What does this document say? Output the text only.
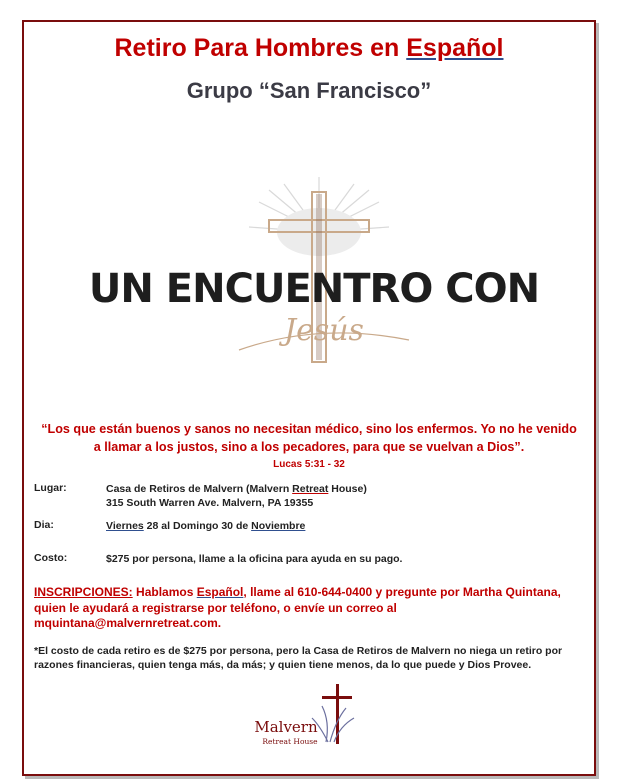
Retiro Para Hombres en Español
Grupo “San Francisco”
UN ENCUENTRO CON
Jesús

“Los que están buenos y sanos no necesitan médico, sino los enfermos. Yo no he venido a llamar a los justos, sino a los pecadores, para que se vuelvan a Dios”.

Lucas 5:31 - 32

Lugar:	Casa de Retiros de Malvern (Malvern Retreat House)
315 South Warren Ave. Malvern, PA 19355
Dia:	Viernes 28 al Domingo 30 de Noviembre
Costo:	$275 por persona, llame a la oficina para ayuda en su pago.
INSCRIPCIONES: Hablamos Español, llame al 610-644-0400 y pregunte por Martha Quintana, quien le ayudará a registrarse por teléfono, o envíe un correo al mquintana@malvernretreat.com.
*El costo de cada retiro es de $275 por persona, pero la Casa de Retiros de Malvern no niega un retiro por razones financieras, quien tenga más, da más; y quien tiene menos, da lo que puede y Dios Provee.
Malvern
Retreat House
